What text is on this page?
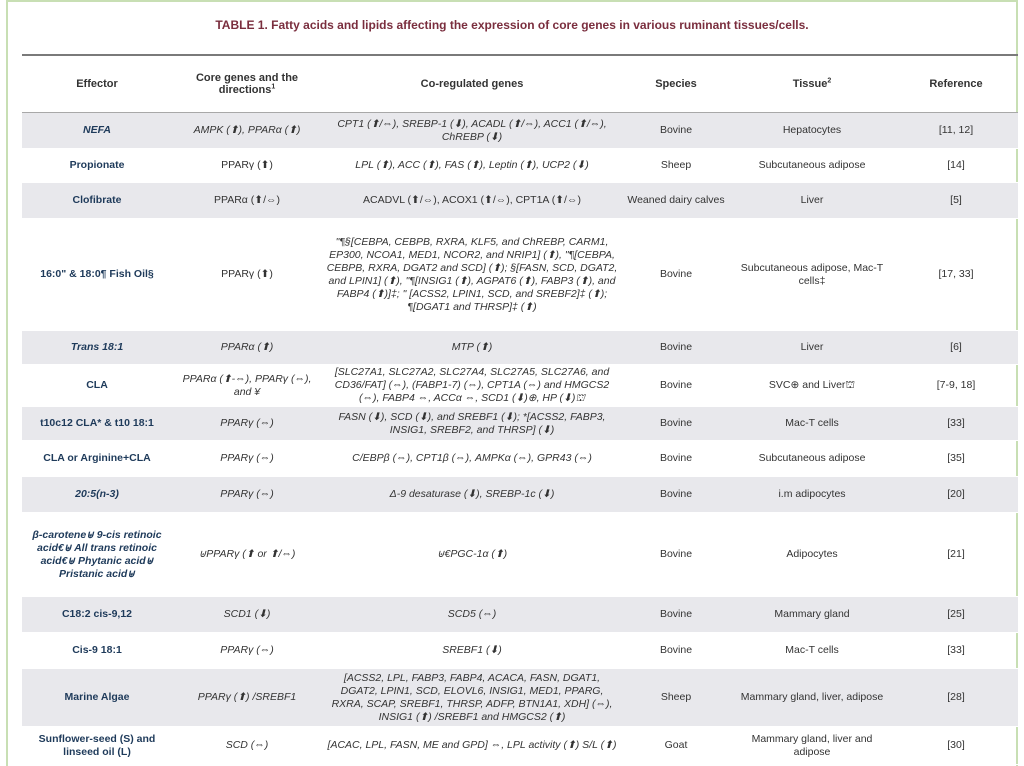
TABLE 1. Fatty acids and lipids affecting the expression of core genes in various ruminant tissues/cells.
Effector	Core genes and the directions$^1$	Co-regulated genes	Species	Tissue$^2$	Reference
NEFA	AMPK (⬆), PPARα (⬆)	CPT1 (⬆/⇔), SREBP-1 (⬇), ACADL (⬆/⇔), ACC1 (⬆/⇔), ChREBP (⬇)	Bovine	Hepatocytes	[11, 12]
Propionate	PPARγ (⬆)	LPL (⬆), ACC (⬆), FAS (⬆), Leptin (⬆), UCP2 (⬇)	Sheep	Subcutaneous adipose	[14]
Clofibrate	PPARα (⬆/⇔)	ACADVL (⬆/⇔), ACOX1 (⬆/⇔), CPT1A (⬆/⇔)	Weaned dairy calves	Liver	[5]
16:0" & 18:0¶ Fish Oil§	PPARγ (⬆)	"¶§[CEBPA, CEBPB, RXRA, KLF5, and ChREBP, CARM1, EP300, NCOA1, MED1, NCOR2, and NRIP1] (⬆), "¶[CEBPA, CEBPB, RXRA, DGAT2 and SCD] (⬆); §[FASN, SCD, DGAT2, and LPIN1] (⬆), "¶[INSIG1 (⬆), AGPAT6 (⬆), FABP3 (⬆), and FABP4 (⬆)]‡; " [ACSS2, LPIN1, SCD, and SREBF2]‡ (⬆); ¶[DGAT1 and THRSP]‡ (⬆)	Bovine	Subcutaneous adipose, Mac-T cells‡	[17, 33]
Trans 18:1	PPARα (⬆)	MTP (⬆)	Bovine	Liver	[6]
CLA	PPARα (⬆-⇔), PPARγ (⇔), and ¥	[SLC27A1, SLC27A2, SLC27A4, SLC27A5, SLC27A6, and CD36/FAT] (⇔), (FABP1-7) (⇔), CPT1A (⇔) and HMGCS2 (⇔), FABP4 ⇔, ACCα ⇔, SCD1 (⬇)⊕, HP (⬇)⛫	Bovine	SVC⊕ and Liver⛫	[7-9, 18]
t10c12 CLA* & t10 18:1	PPARγ (⇔)	FASN (⬇), SCD (⬇), and SREBF1 (⬇); *[ACSS2, FABP3, INSIG1, SREBF2, and THRSP] (⬇)	Bovine	Mac-T cells	[33]
CLA or Arginine+CLA	PPARγ (⇔)	C/EBPβ (⇔), CPT1β (⇔), AMPKα (⇔), GPR43 (⇔)	Bovine	Subcutaneous adipose	[35]
20:5(n-3)	PPARγ (⇔)	Δ-9 desaturase (⬇), SREBP-1c (⬇)	Bovine	i.m adipocytes	[20]
β-carotene⊎ 9-cis retinoic acid€⊎ All trans retinoic acid€⊎ Phytanic acid⊎ Pristanic acid⊎	⊎PPARγ (⬆ or ⬆/⇔)	⊎€PGC-1α (⬆)	Bovine	Adipocytes	[21]
C18:2 cis-9,12	SCD1 (⬇)	SCD5 (⇔)	Bovine	Mammary gland	[25]
Cis-9 18:1	PPARγ (⇔)	SREBF1 (⬇)	Bovine	Mac-T cells	[33]
Marine Algae	PPARγ (⬆) /SREBF1	[ACSS2, LPL, FABP3, FABP4, ACACA, FASN, DGAT1, DGAT2, LPIN1, SCD, ELOVL6, INSIG1, MED1, PPARG, RXRA, SCAP, SREBF1, THRSP, ADFP, BTN1A1, XDH] (⇔), INSIG1 (⬆) /SREBF1 and HMGCS2 (⬆)	Sheep	Mammary gland, liver, adipose	[28]
Sunflower-seed (S) and linseed oil (L)	SCD (⇔)	[ACAC, LPL, FASN, ME and GPD] ⇔, LPL activity (⬆) S/L (⬆)	Goat	Mammary gland, liver and adipose	[30]
